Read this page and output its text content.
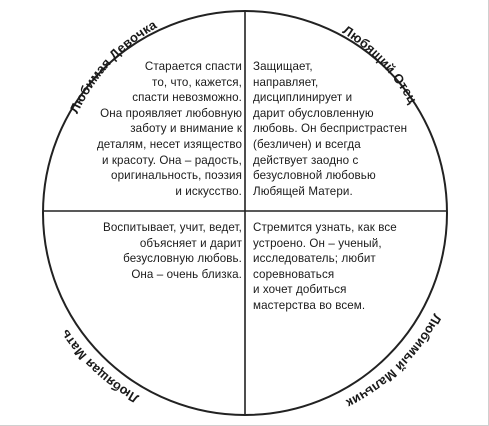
Любимая Девочка	Любящий Отец
Любящая Мать
Любимый Мальчик

Старается спасти
то, что, кажется,
спасти невозможно.
Она проявляет любовную
заботу и внимание к
деталям, несет изящество
и красоту. Она – радость,
оригинальность, поэзия
и искусство.

Защищает,
направляет,
дисциплинирует и
дарит обусловленную
любовь. Он беспристрастен
(безличен) и всегда
действует заодно с
безусловной любовью
Любящей Матери.

Воспитывает, учит, ведет,
объясняет и дарит
безусловную любовь.
Она – очень близка.

Стремится узнать, как все
устроено. Он – ученый,
исследователь; любит
соревноваться
и хочет добиться
мастерства во всем.
